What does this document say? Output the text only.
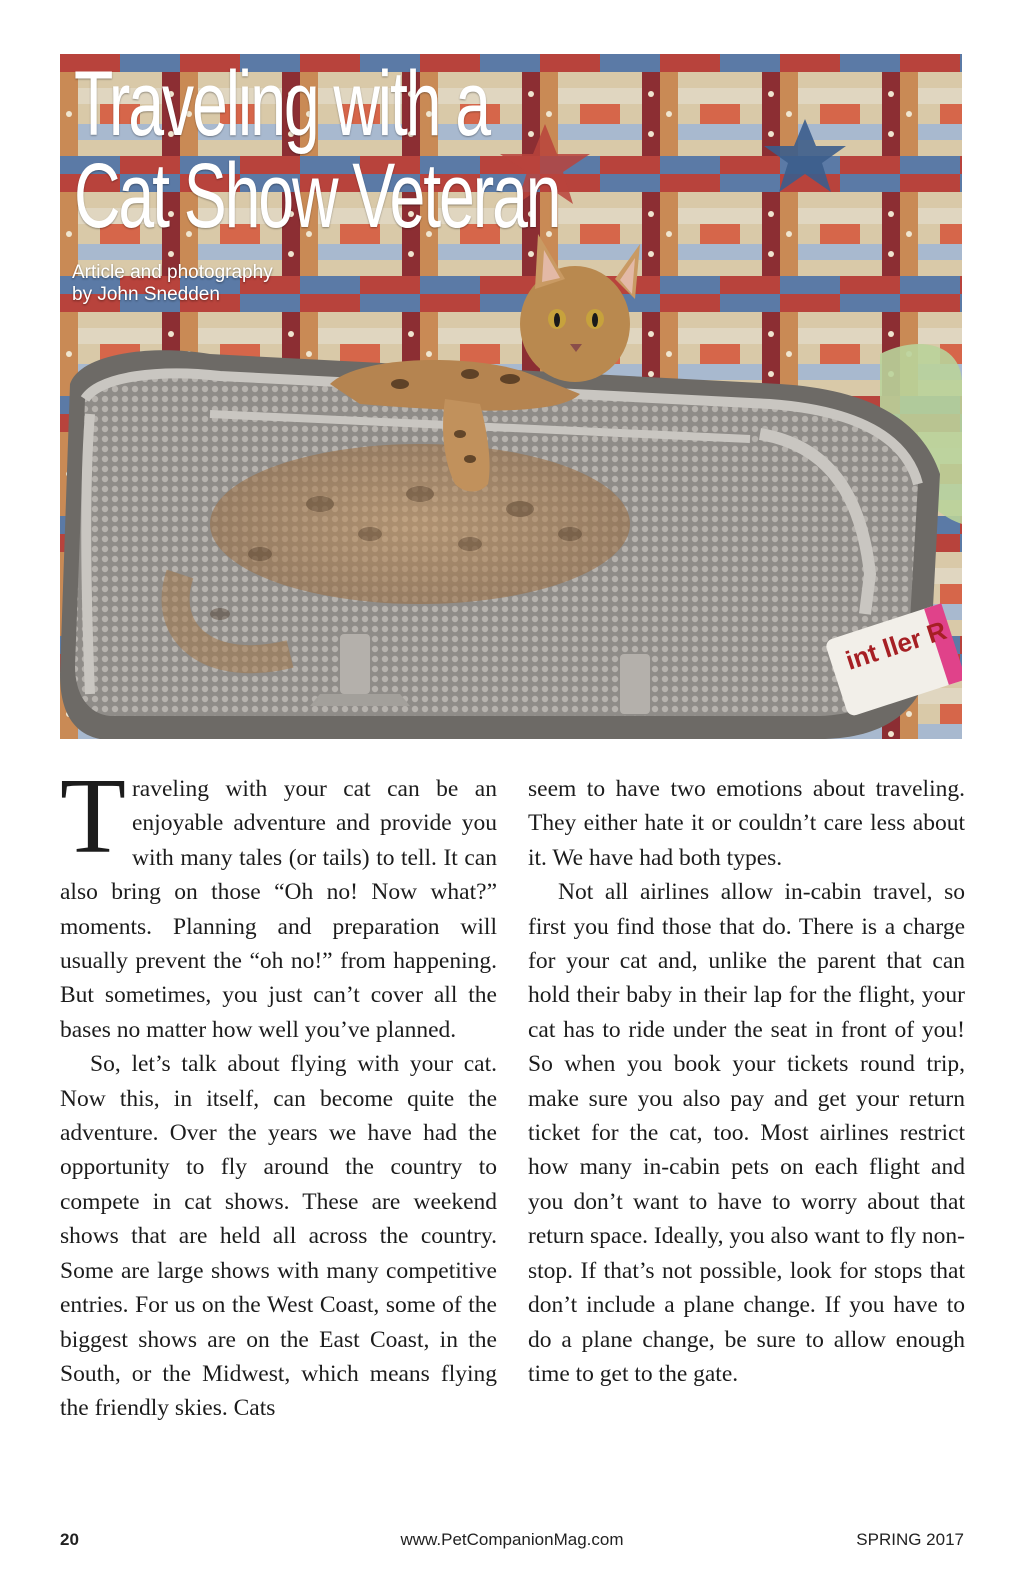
int ller R
Traveling with a
Cat Show Veteran
Article and photography
by John Snedden

Traveling with your cat can be an enjoyable adventure and provide you with many tales (or tails) to tell. It can also bring on those “Oh no! Now what?” moments. Planning and preparation will usually prevent the “oh no!” from happening. But sometimes, you just can’t cover all the bases no matter how well you’ve planned.

So, let’s talk about flying with your cat. Now this, in itself, can become quite the adventure. Over the years we have had the opportunity to fly around the country to compete in cat shows. These are weekend shows that are held all across the country. Some are large shows with many competitive entries. For us on the West Coast, some of the biggest shows are on the East Coast, in the South, or the Midwest, which means flying the friendly skies. Cats

seem to have two emotions about traveling. They either hate it or couldn’t care less about it. We have had both types.

Not all airlines allow in-cabin travel, so first you find those that do. There is a charge for your cat and, unlike the parent that can hold their baby in their lap for the flight, your cat has to ride under the seat in front of you! So when you book your tickets round trip, make sure you also pay and get your return ticket for the cat, too. Most airlines restrict how many in-cabin pets on each flight and you don’t want to have to worry about that return space. Ideally, you also want to fly non-stop. If that’s not possible, look for stops that don’t include a plane change. If you have to do a plane change, be sure to allow enough time to get to the gate.

20	www.PetCompanionMag.com	SPRING 2017
